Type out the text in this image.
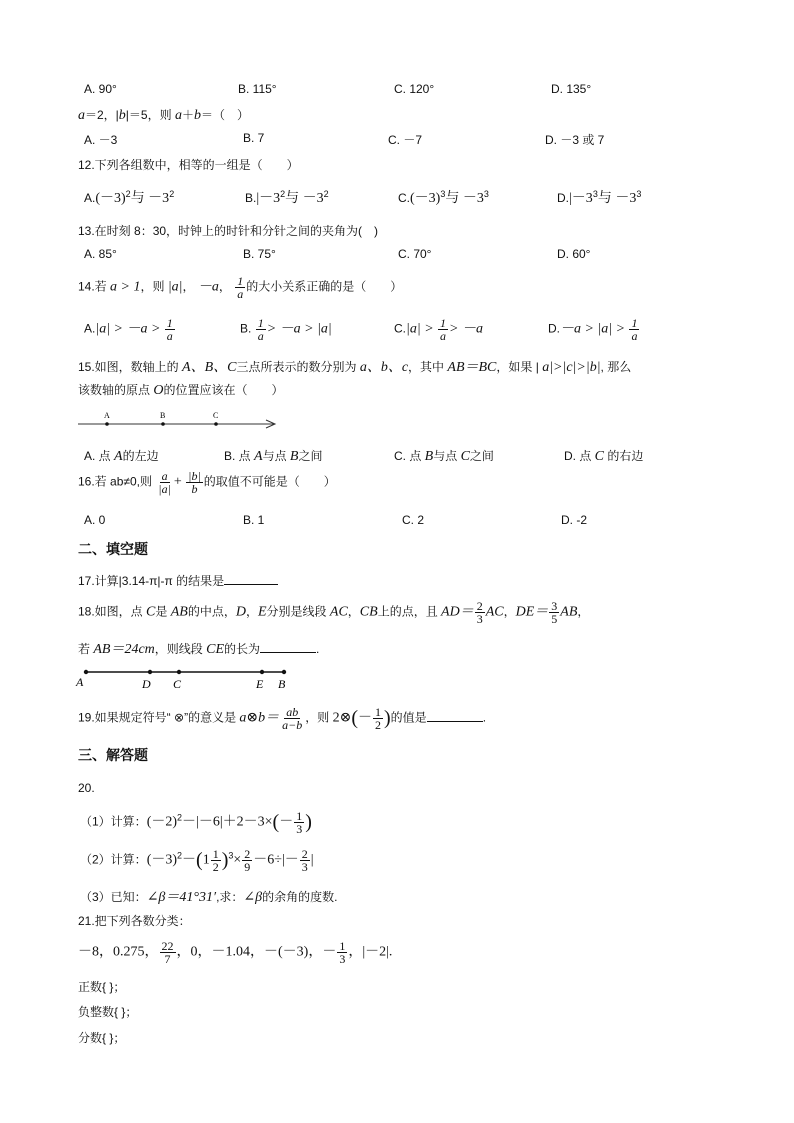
A. 90°	B. 115°	C. 120°	D. 135°
a＝2，|b|＝5，则 a＋b＝（　）
A. －3	B. 7	C. －7	D. －3 或 7
12.下列各组数中，相等的一组是（　　）
$A.(-3)^2$与 $-3^2$	$B.|-3^2$与 $-3^2$	$C.(-3)^3$与 $-3^3$	$D.|-3^3$与 $-3^3$
13.在时刻 8：30，时钟上的时针和分针之间的夹角为(　)
A. 85°	B. 75°	C. 70°	D. 60°
14.若 a > 1，则 |a|， －a， $\frac{1}{a}$ 的大小关系正确的是（　　）
$A.|a| > -a > \frac{1}{a}$	B. $\frac{1}{a} > -a > |a|$	$C.|a| > \frac{1}{a} > -a$	$D.-a > |a| > \frac{1}{a}$
15.如图，数轴上的 A、B、C三点所表示的数分别为 a、b、c，其中 AB＝BC，如果 | a|>|c|>|b|, 那么
该数轴的原点 O的位置应该在（　　）
A	B	C
A. 点 A的左边	B. 点 A与点 B之间	C. 点 B与点 C之间	D. 点 C 的右边
16.若 ab≠0,则 $\frac{a}{|a|} + \frac{|b|}{b}$ 的取值不可能是（　　）
A. 0	B. 1	C. 2	D. -2
二、填空题
17.计算|3.14-π|-π 的结果是
18.如图，点 C是 AB的中点，D，E分别是线段 AC，CB上的点，且 $AD= \frac{2}{3}$ AC，$DE= \frac{3}{5}$ AB，
若 AB＝24cm，则线段 CE的长为	.
A	D C	E B
19.如果规定符号“ ⊗”的意义是 a⊗b＝ $\frac{ab}{a-b}$ ，则 2⊗(－ $\frac{1}{2}$ )的值是	.
三、解答题
20.
（1）计算：$(-2)^2-|-6|+2-3\times(- \frac{1}{3}$ )
（2）计算：$(-3)^2-(1 \frac{1}{2} )^3\times \frac{2}{9} -6\div|- \frac{2}{3}$ |
（3）已知：∠β＝41°31′,求：∠β的余角的度数.
21.把下列各数分类：
－8，0.275， $\frac{22}{7}$ ，0，－1.04，－(－3)，－ $\frac{1}{3}$ ，|－2|.
正数{ }；
负整数{ }；
分数{ }；
